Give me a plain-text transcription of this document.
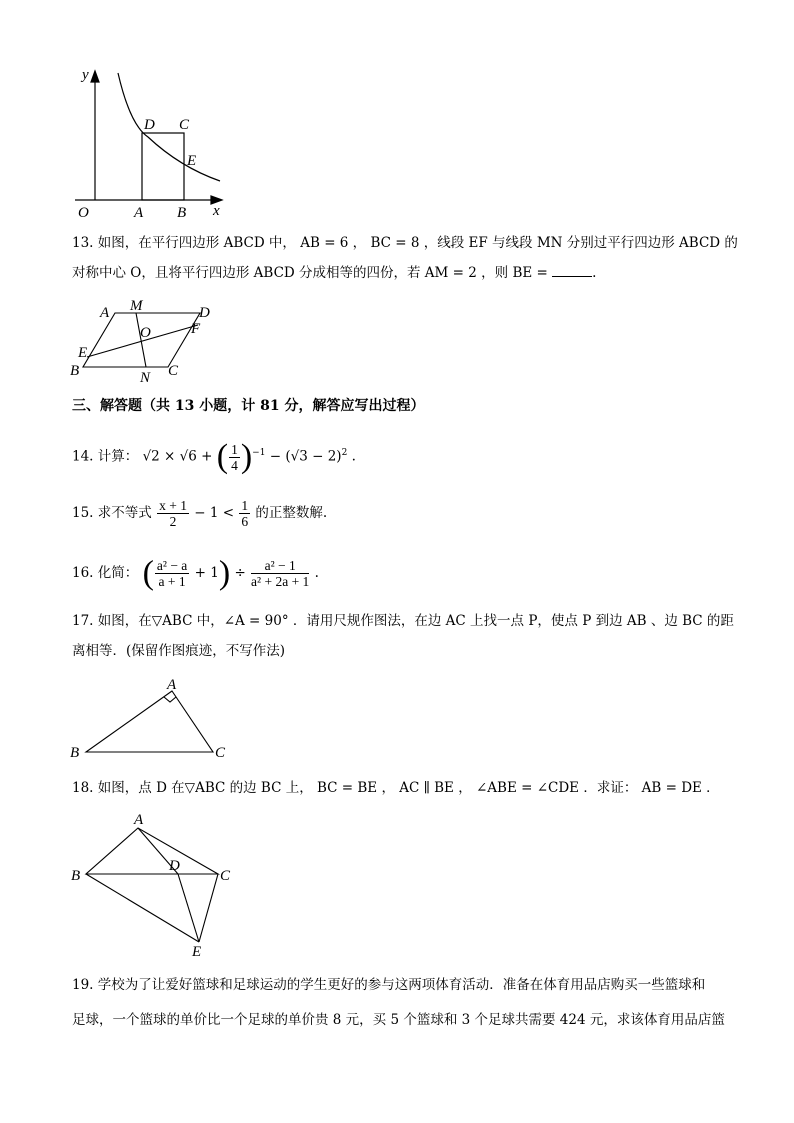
y
x
O	A B
C
D
E
13. 如图，在平行四边形 ABCD 中， AB = 6 ， BC = 8 ，线段 EF 与线段 MN 分别过平行四边形 ABCD 的
对称中心 O，且将平行四边形 ABCD 分成相等的四份，若 AM = 2 ，则 BE =	.
A
B	C
D
E
F
M
N
O
三、解答题（共 13 小题，计 81 分，解答应写出过程）
14. 计算： √2 × √6 + ( $\frac{1}{4} )^{-1} - (√3 - 2)^2$ .
15. 求不等式 $\frac{x + 1}{2} - 1 < \frac{1}{6}$ 的正整数解.
16. 化简： ( $\frac{\text{a² − a}}{a + 1} + 1) \div \frac{\text{a² − 1}}{\text{a² + 2a + 1}}$ .
17. 如图，在▽ABC 中，∠A = 90° ．请用尺规作图法，在边 AC 上找一点 P，使点 P 到边 AB 、边 BC 的距
离相等．(保留作图痕迹，不写作法)
A
B	C
18. 如图，点 D 在▽ABC 的边 BC 上， BC = BE ， AC ∥ BE ， ∠ABE = ∠CDE ．求证： AB = DE ．
A
B	C
D
E
19. 学校为了让爱好篮球和足球运动的学生更好的参与这两项体育活动．准备在体育用品店购买一些篮球和
足球，一个篮球的单价比一个足球的单价贵 8 元，买 5 个篮球和 3 个足球共需要 424 元，求该体育用品店篮
